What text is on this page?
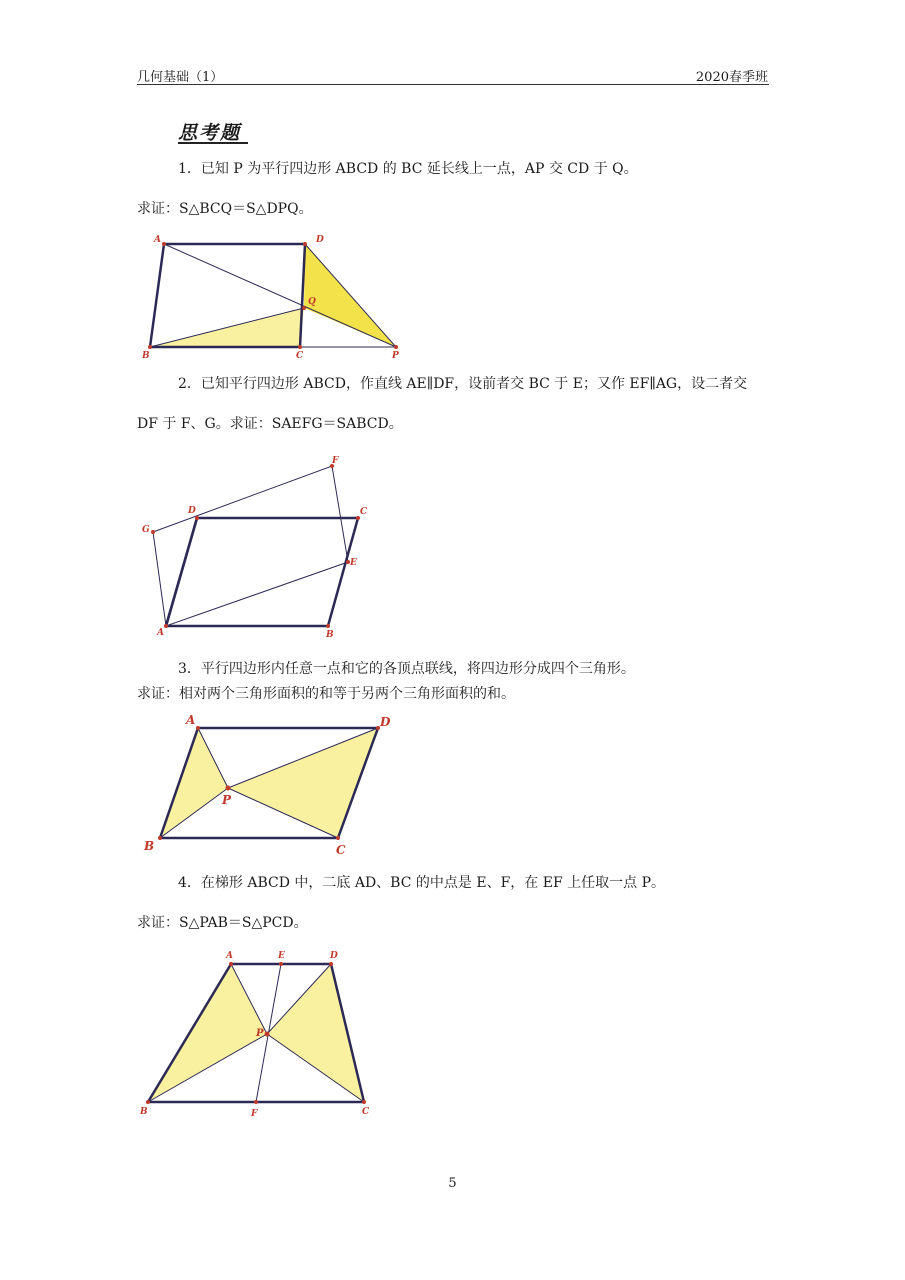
几何基础（1）	2020春季班
思考题
1．已知 P 为平行四边形 ABCD 的 BC 延长线上一点，AP 交 CD 于 Q。
求证：S△BCQ＝S△DPQ。
A	D
B	C	P
Q
2．已知平行四边形 ABCD，作直线 AE∥DF，设前者交 BC 于 E；又作 EF∥AG，设二者交
DF 于 F、G。求证：SAEFG＝SABCD。
D	C
B
A
G
F
E
3．平行四边形内任意一点和它的各顶点联线，将四边形分成四个三角形。
求证：相对两个三角形面积的和等于另两个三角形面积的和。
A	D
B	C
P
4．在梯形 ABCD 中，二底 AD、BC 的中点是 E、F，在 EF 上任取一点 P。
求证：S△PAB＝S△PCD。
A	E	D
B	F	C
P
5
